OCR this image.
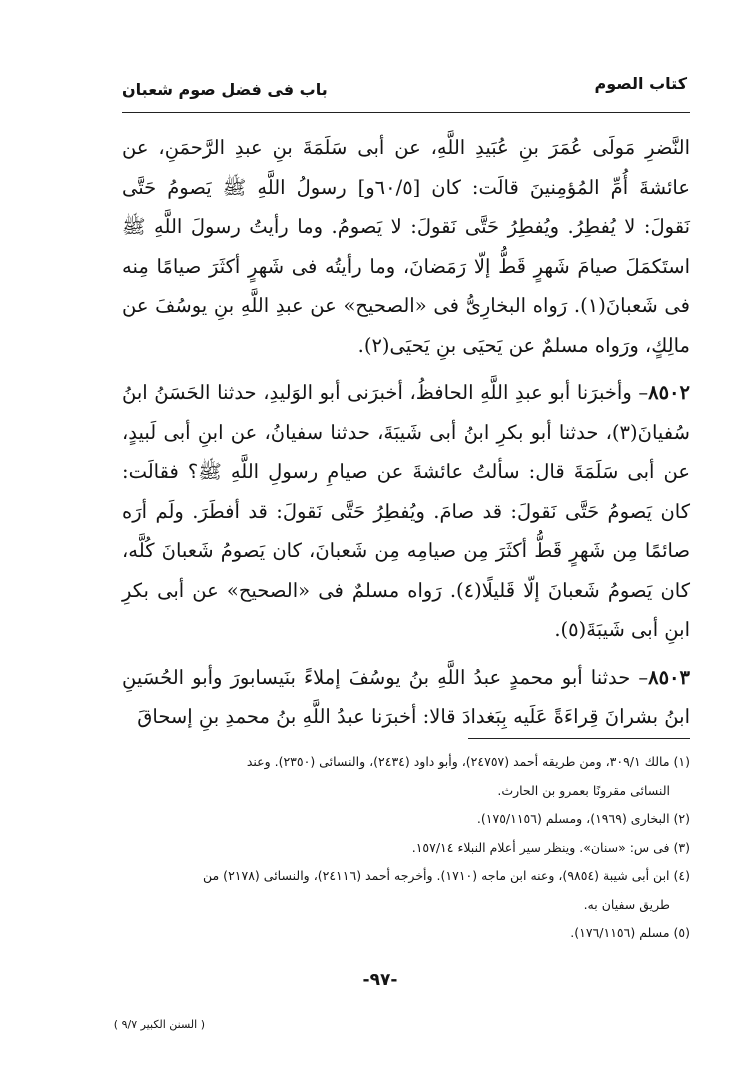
كتاب الصوم
باب فى فضل صوم شعبان

النَّضرِ مَولَى عُمَرَ بنِ عُبَيدِ اللَّهِ، عن أبى سَلَمَةَ بنِ عبدِ الرَّحمَنِ، عن عائشةَ أُمِّ المُؤمِنينَ قالَت: كان [٦٠/٥و] رسولُ اللَّهِ ﷺ يَصومُ حَتَّى نَقولَ: لا يُفطِرُ. ويُفطِرُ حَتَّى نَقولَ: لا يَصومُ. وما رأيتُ رسولَ اللَّهِ ﷺ استَكمَلَ صيامَ شَهرٍ قَطُّ إلّا رَمَضانَ، وما رأيتُه فى شَهرٍ أكثَرَ صيامًا مِنه فى شَعبانَ(١). رَواه البخارِىُّ فى «الصحيح» عن عبدِ اللَّهِ بنِ يوسُفَ عن مالِكٍ، ورَواه مسلمٌ عن يَحيَى بنِ يَحيَى(٢).

٨٥٠٢– وأخبرَنا أبو عبدِ اللَّهِ الحافظُ، أخبرَنى أبو الوَليدِ، حدثنا الحَسَنُ ابنُ سُفيانَ(٣)، حدثنا أبو بكرِ ابنُ أبى شَيبَةَ، حدثنا سفيانُ، عن ابنِ أبى لَبيدٍ، عن أبى سَلَمَةَ قال: سألتُ عائشةَ عن صيامِ رسولِ اللَّهِ ﷺ؟ فقالَت: كان يَصومُ حَتَّى نَقولَ: قد صامَ. ويُفطِرُ حَتَّى نَقولَ: قد أفطَرَ. ولَم أرَه صائمًا مِن شَهرٍ قَطُّ أكثَرَ مِن صيامِه مِن شَعبانَ، كان يَصومُ شَعبانَ كُلَّه، كان يَصومُ شَعبانَ إلّا قَليلًا(٤). رَواه مسلمٌ فى «الصحيح» عن أبى بكرِ ابنِ أبى شَيبَةَ(٥).

٨٥٠٣– حدثنا أبو محمدٍ عبدُ اللَّهِ بنُ يوسُفَ إملاءً بنَيسابورَ وأبو الحُسَينِ ابنُ بشرانَ قِراءَةً عَلَيه بِبَغدادَ قالا: أخبرَنا عبدُ اللَّهِ بنُ محمدِ بنِ إسحاقَ

(١) مالك ٣٠٩/١، ومن طريقه أحمد (٢٤٧٥٧)، وأبو داود (٢٤٣٤)، والنسائى (٢٣٥٠). وعند
النسائى مقرونًا بعمرو بن الحارث.
(٢) البخارى (١٩٦٩)، ومسلم (١٧٥/١١٥٦).
(٣) فى س: «سنان». وينظر سير أعلام النبلاء ١٥٧/١٤.
(٤) ابن أبى شيبة (٩٨٥٤)، وعنه ابن ماجه (١٧١٠). وأخرجه أحمد (٢٤١١٦)، والنسائى (٢١٧٨) من
طريق سفيان به.
(٥) مسلم (١٧٦/١١٥٦).
-٩٧-
( السنن الكبير ٩/٧ )
